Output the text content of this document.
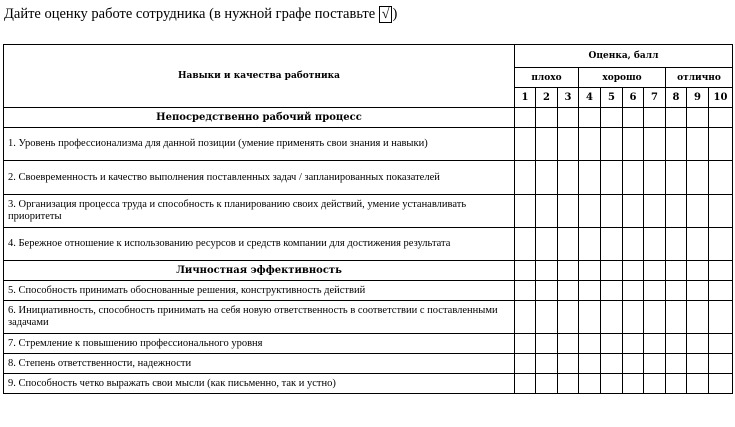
Дайте оценку работе сотрудника (в нужной графе поставьте √ )
Навыки и качества работника	Оценка, балл									
	плохо			хорошо				отлично		
	1	2	3	4	5	6	7	8	9	10
Непосредственно рабочий процесс										
1. Уровень профессионализма для данной позиции (умение применять свои знания и навыки)										
2. Своевременность и качество выполнения поставленных задач / запланированных показателей										
3. Организация процесса труда и способность к планированию своих действий, умение устанавливать приоритеты										
4. Бережное отношение к использованию ресурсов и средств компании для достижения результата										
Личностная эффективность										
5. Способность принимать обоснованные решения, конструктивность действий										
6. Инициативность, способность принимать на себя новую ответственность в соответствии с поставленными задачами										
7. Стремление к повышению профессионального уровня										
8. Степень ответственности, надежности										
9. Способность четко выражать свои мысли (как письменно, так и устно)										
